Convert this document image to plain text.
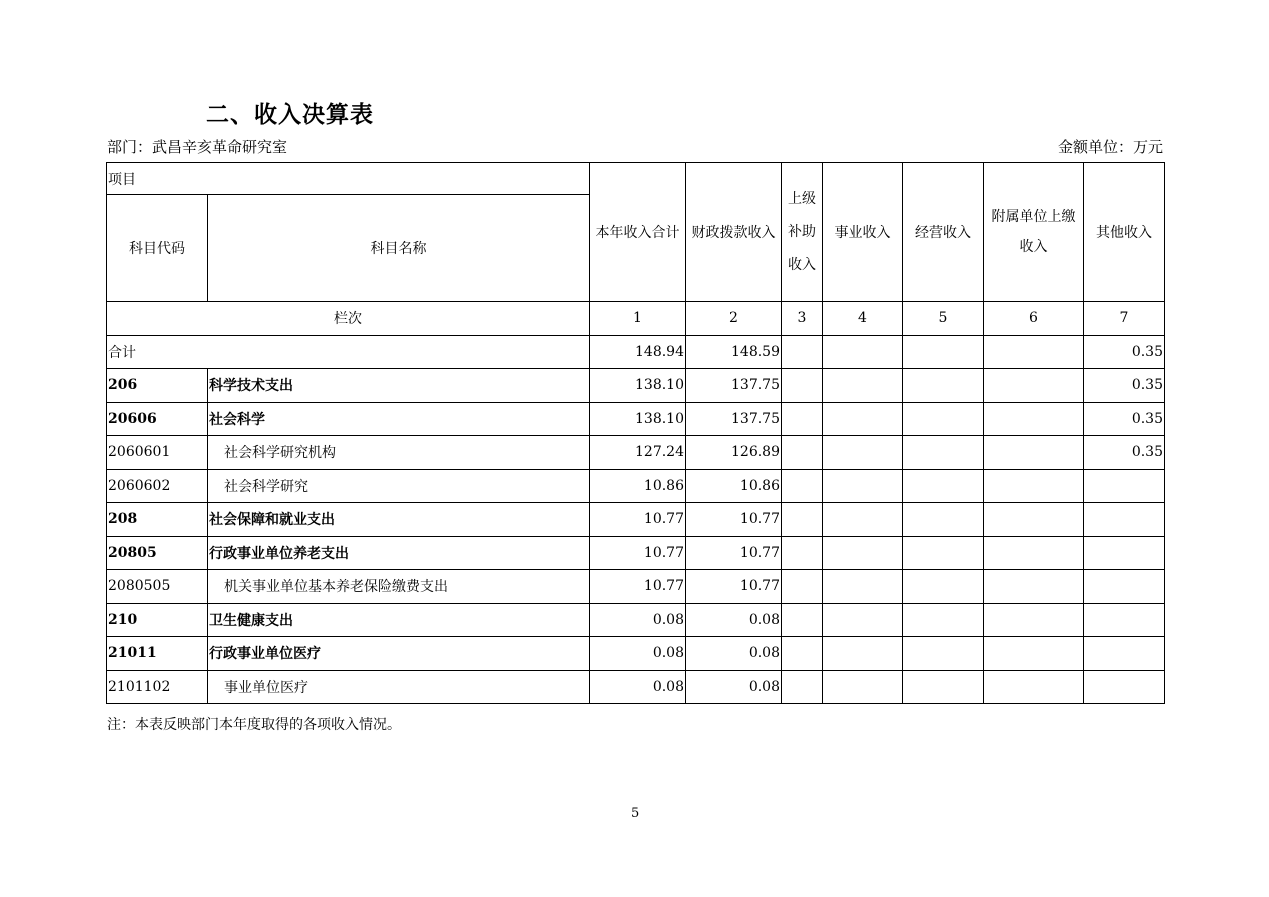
二、收入决算表
部门：武昌辛亥革命研究室	金额单位：万元
项目		本年收入合计	财政拨款收入	上级补助收入	事业收入	经营收入	附属单位上缴收入	其他收入
科目代码	科目名称							
栏次		1	2	3	4	5	6	7
合计		148.94	148.59					0.35
206	科学技术支出	138.10	137.75					0.35
20606	社会科学	138.10	137.75					0.35
2060601	社会科学研究机构	127.24	126.89					0.35
2060602	社会科学研究	10.86	10.86					
208	社会保障和就业支出	10.77	10.77					
20805	行政事业单位养老支出	10.77	10.77					
2080505	机关事业单位基本养老保险缴费支出	10.77	10.77					
210	卫生健康支出	0.08	0.08					
21011	行政事业单位医疗	0.08	0.08					
2101102	事业单位医疗	0.08	0.08					
注：本表反映部门本年度取得的各项收入情况。
5
